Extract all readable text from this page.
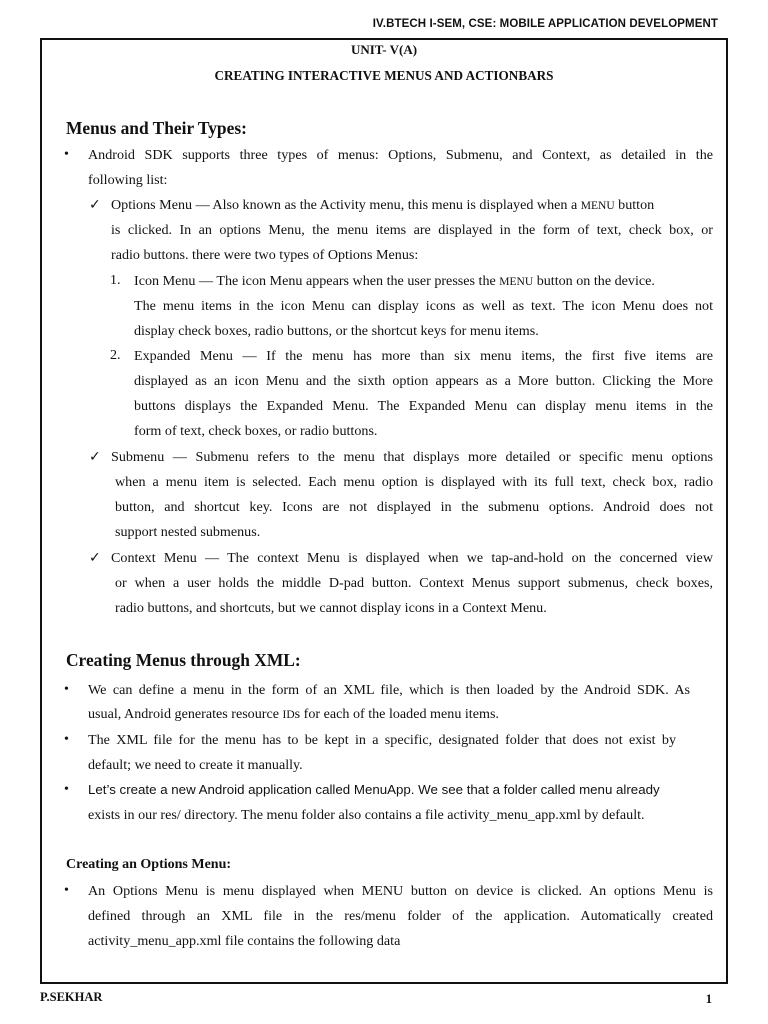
IV.BTECH I-SEM, CSE: MOBILE APPLICATION DEVELOPMENT
UNIT- V(A)
CREATING INTERACTIVE MENUS AND ACTIONBARS
Menus and Their Types:
• Android SDK supports three types of menus: Options, Submenu, and Context, as detailed in the
following list:
✓ Options Menu — Also known as the Activity menu, this menu is displayed when a MENU button
is clicked. In an options Menu, the menu items are displayed in the form of text, check box, or
radio buttons. there were two types of Options Menus:
1. Icon Menu — The icon Menu appears when the user presses the MENU button on the device.
The menu items in the icon Menu can display icons as well as text. The icon Menu does not
display check boxes, radio buttons, or the shortcut keys for menu items.
2. Expanded Menu — If the menu has more than six menu items, the first five items are
displayed as an icon Menu and the sixth option appears as a More button. Clicking the More
buttons displays the Expanded Menu. The Expanded Menu can display menu items in the
form of text, check boxes, or radio buttons.
✓ Submenu — Submenu refers to the menu that displays more detailed or specific menu options
when a menu item is selected. Each menu option is displayed with its full text, check box, radio
button, and shortcut key. Icons are not displayed in the submenu options. Android does not
support nested submenus.
✓ Context Menu — The context Menu is displayed when we tap-and-hold on the concerned view
or when a user holds the middle D-pad button. Context Menus support submenus, check boxes,
radio buttons, and shortcuts, but we cannot display icons in a Context Menu.
Creating Menus through XML:
• We can define a menu in the form of an XML file, which is then loaded by the Android SDK. As
usual, Android generates resource IDs for each of the loaded menu items.
• The XML file for the menu has to be kept in a specific, designated folder that does not exist by
default; we need to create it manually.
• Let’s create a new Android application called MenuApp. We see that a folder called menu already
exists in our res/ directory. The menu folder also contains a file activity_menu_app.xml by default.
Creating an Options Menu:
• An Options Menu is menu displayed when MENU button on device is clicked. An options Menu is
defined through an XML file in the res/menu folder of the application. Automatically created
activity_menu_app.xml file contains the following data
P.SEKHAR	1
